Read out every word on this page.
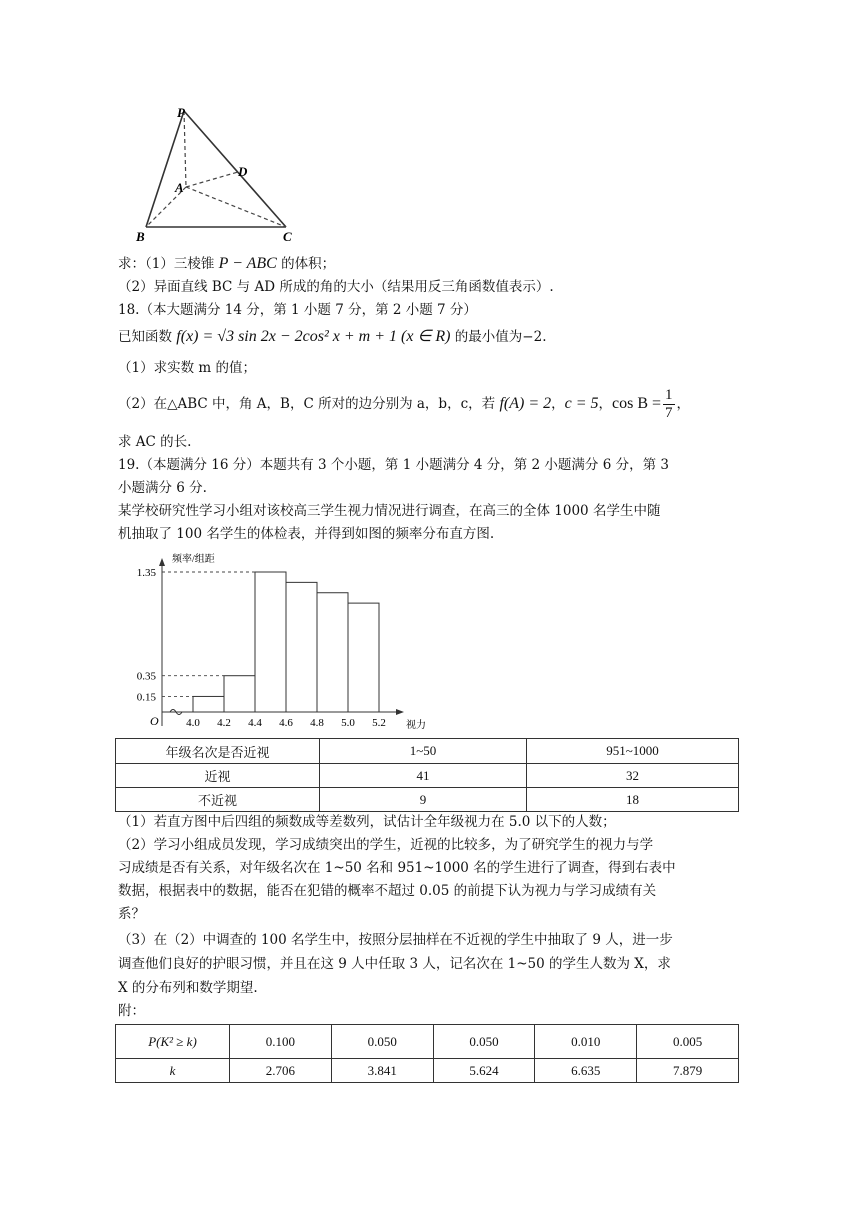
P
A
D
B	C
求：（1）三棱锥 P − ABC 的体积；
（2）异面直线 BC 与 AD 所成的角的大小（结果用反三角函数值表示）.
18.（本大题满分 14 分，第 1 小题 7 分，第 2 小题 7 分）
已知函数 f(x) = √3 sin 2x − 2cos² x + m + 1 (x ∈ R) 的最小值为−2.
（1）求实数 m 的值；
（2）在△ABC 中，角 A，B，C 所对的边分别为 a，b，c，若 f(A) = 2，c = 5，$\cos B = \frac{1}{7}$ ，
求 AC 的长.
19.（本题满分 16 分）本题共有 3 个小题，第 1 小题满分 4 分，第 2 小题满分 6 分，第 3
小题满分 6 分.
某学校研究性学习小组对该校高三学生视力情况进行调查，在高三的全体 1000 名学生中随
机抽取了 100 名学生的体检表，并得到如图的频率分布直方图.
0.15
0.35
1.35
4.0 4.2 4.4 4.6 4.8 5.0 5.2
频率/组距
视力
O
年级名次是否近视	1~50	951~1000
近视	41	32
不近视	9	18
（1）若直方图中后四组的频数成等差数列，试估计全年级视力在 5.0 以下的人数；
（2）学习小组成员发现，学习成绩突出的学生，近视的比较多，为了研究学生的视力与学
习成绩是否有关系，对年级名次在 1~50 名和 951~1000 名的学生进行了调查，得到右表中
数据，根据表中的数据，能否在犯错的概率不超过 0.05 的前提下认为视力与学习成绩有关
系？
（3）在（2）中调查的 100 名学生中，按照分层抽样在不近视的学生中抽取了 9 人，进一步
调查他们良好的护眼习惯，并且在这 9 人中任取 3 人，记名次在 1~50 的学生人数为 X，求
X 的分布列和数学期望.
附：
P(K² ≥ k)	0.100	0.050	0.050	0.010	0.005
k	2.706	3.841	5.624	6.635	7.879
